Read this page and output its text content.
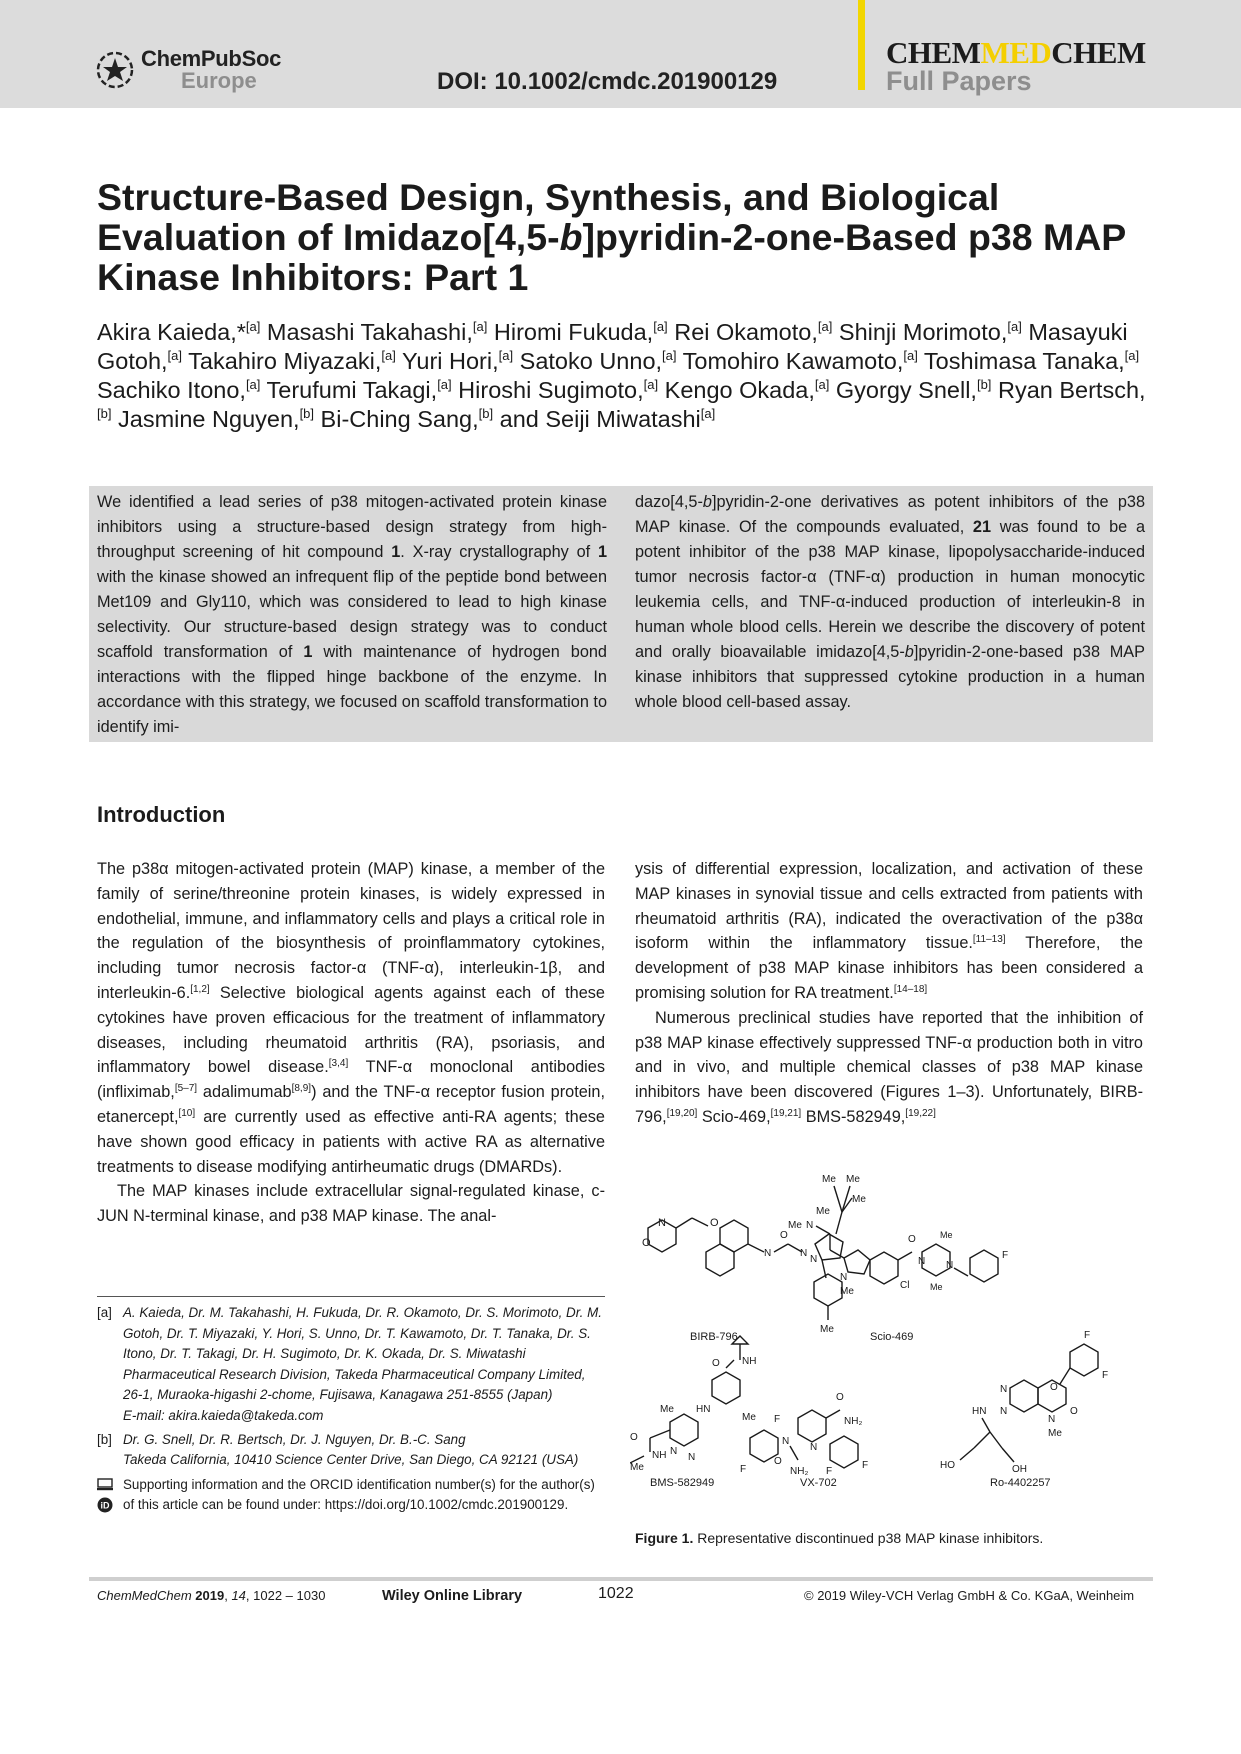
ChemPubSoc
Europe	DOI: 10.1002/cmdc.201900129
CHEMMEDCHEM
Full Papers
Structure-Based Design, Synthesis, and Biological Evaluation of Imidazo[4,5-b]pyridin-2-one-Based p38 MAP Kinase Inhibitors: Part 1
Akira Kaieda,*[a] Masashi Takahashi,[a] Hiromi Fukuda,[a] Rei Okamoto,[a] Shinji Morimoto,[a] Masayuki Gotoh,[a] Takahiro Miyazaki,[a] Yuri Hori,[a] Satoko Unno,[a] Tomohiro Kawamoto,[a] Toshimasa Tanaka,[a] Sachiko Itono,[a] Terufumi Takagi,[a] Hiroshi Sugimoto,[a] Kengo Okada,[a] Gyorgy Snell,[b] Ryan Bertsch,[b] Jasmine Nguyen,[b] Bi-Ching Sang,[b] and Seiji Miwatashi[a]
We identified a lead series of p38 mitogen-activated protein kinase inhibitors using a structure-based design strategy from high-throughput screening of hit compound 1. X-ray crystallography of 1 with the kinase showed an infrequent flip of the peptide bond between Met109 and Gly110, which was considered to lead to high kinase selectivity. Our structure-based design strategy was to conduct scaffold transformation of 1 with maintenance of hydrogen bond interactions with the flipped hinge backbone of the enzyme. In accordance with this strategy, we focused on scaffold transformation to identify imi-
dazo[4,5-b]pyridin-2-one derivatives as potent inhibitors of the p38 MAP kinase. Of the compounds evaluated, 21 was found to be a potent inhibitor of the p38 MAP kinase, lipopolysaccharide-induced tumor necrosis factor-α (TNF-α) production in human monocytic leukemia cells, and TNF-α-induced production of interleukin-8 in human whole blood cells. Herein we describe the discovery of potent and orally bioavailable imidazo[4,5-b]pyridin-2-one-based p38 MAP kinase inhibitors that suppressed cytokine production in a human whole blood cell-based assay.
Introduction

The p38α mitogen-activated protein (MAP) kinase, a member of the family of serine/threonine protein kinases, is widely expressed in endothelial, immune, and inflammatory cells and plays a critical role in the regulation of the biosynthesis of proinflammatory cytokines, including tumor necrosis factor-α (TNF-α), interleukin-1β, and interleukin-6.[1,2] Selective biological agents against each of these cytokines have proven efficacious for the treatment of inflammatory diseases, including rheumatoid arthritis (RA), psoriasis, and inflammatory bowel disease.[3,4] TNF-α monoclonal antibodies (infliximab,[5–7] adalimumab[8,9]) and the TNF-α receptor fusion protein, etanercept,[10] are currently used as effective anti-RA agents; these have shown good efficacy in patients with active RA as alternative treatments to disease modifying antirheumatic drugs (DMARDs).

The MAP kinases include extracellular signal-regulated kinase, c-JUN N-terminal kinase, and p38 MAP kinase. The anal-

ysis of differential expression, localization, and activation of these MAP kinases in synovial tissue and cells extracted from patients with rheumatoid arthritis (RA), indicated the overactivation of the p38α isoform within the inflammatory tissue.[11–13] Therefore, the development of p38 MAP kinase inhibitors has been considered a promising solution for RA treatment.[14–18]

Numerous preclinical studies have reported that the inhibition of p38 MAP kinase effectively suppressed TNF-α production both in vitro and in vivo, and multiple chemical classes of p38 MAP kinase inhibitors have been discovered (Figures 1–3). Unfortunately, BIRB-796,[19,20] Scio-469,[19,21] BMS-582949,[19,22]

[a] A. Kaieda, Dr. M. Takahashi, H. Fukuda, Dr. R. Okamoto, Dr. S. Morimoto, Dr. M. Gotoh, Dr. T. Miyazaki, Y. Hori, S. Unno, Dr. T. Kawamoto, Dr. T. Tanaka, Dr. S. Itono, Dr. T. Takagi, Dr. H. Sugimoto, Dr. K. Okada, Dr. S. Miwatashi
Pharmaceutical Research Division, Takeda Pharmaceutical Company Limited, 26-1, Muraoka-higashi 2-chome, Fujisawa, Kanagawa 251-8555 (Japan)
E-mail: akira.kaieda@takeda.com
[b] Dr. G. Snell, Dr. R. Bertsch, Dr. J. Nguyen, Dr. B.-C. Sang
Takeda California, 10410 Science Center Drive, San Diego, CA 92121 (USA)
iD
Supporting information and the ORCID identification number(s) for the author(s) of this article can be found under: https://doi.org/10.1002/cmdc.201900129.
N
O
O
N
O
N
N
Me Me
Me
Me
BIRB-796
Me
Me N
N
Me
Cl
O
N N
Me
Me
F
Scio-469
NH
O
Me
HN
Me
N
N
O
NH
Me
BMS-582949
F
F
N
NH₂
O
N
O
NH₂
F
F
VX-702
F
F
O
O
N
N
N
Me
HN
HO	OH
Ro-4402257
Figure 1. Representative discontinued p38 MAP kinase inhibitors.
ChemMedChem 2019, 14, 1022 – 1030	Wiley Online Library	1022	© 2019 Wiley-VCH Verlag GmbH & Co. KGaA, Weinheim
